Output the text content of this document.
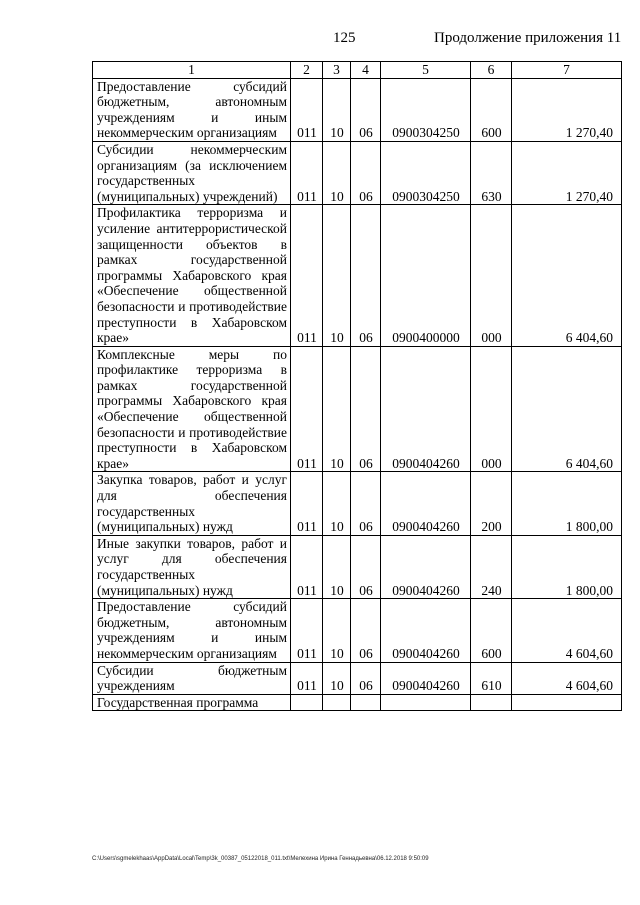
125	Продолжение приложения 11
1	2	3	4	5	6	7
Предоставление субсидий бюджетным, автономным учреждениям и иным некоммерческим организациям	011	10	06	0900304250	600	1 270,40
Субсидии некоммерческим организациям (за исключением государственных (муниципальных) учреждений)	011	10	06	0900304250	630	1 270,40
Профилактика терроризма и усиление антитеррористической защищенности объектов в рамках государственной программы Хабаровского края «Обеспечение общественной безопасности и противодействие преступности в Хабаровском крае»	011	10	06	0900400000	000	6 404,60
Комплексные меры по профилактике терроризма в рамках государственной программы Хабаровского края «Обеспечение общественной безопасности и противодействие преступности в Хабаровском крае»	011	10	06	0900404260	000	6 404,60
Закупка товаров, работ и услуг для обеспечения государственных (муниципальных) нужд	011	10	06	0900404260	200	1 800,00
Иные закупки товаров, работ и услуг для обеспечения государственных (муниципальных) нужд	011	10	06	0900404260	240	1 800,00
Предоставление субсидий бюджетным, автономным учреждениям и иным некоммерческим организациям	011	10	06	0900404260	600	4 604,60
Субсидии бюджетным учреждениям	011	10	06	0900404260	610	4 604,60
Государственная программа						
C:\Users\sgmelekhaas\AppData\Local\Temp\3k_00387_05122018_011.txt\Мелехина Ирина Геннадьевна\06.12.2018 9:50:09
